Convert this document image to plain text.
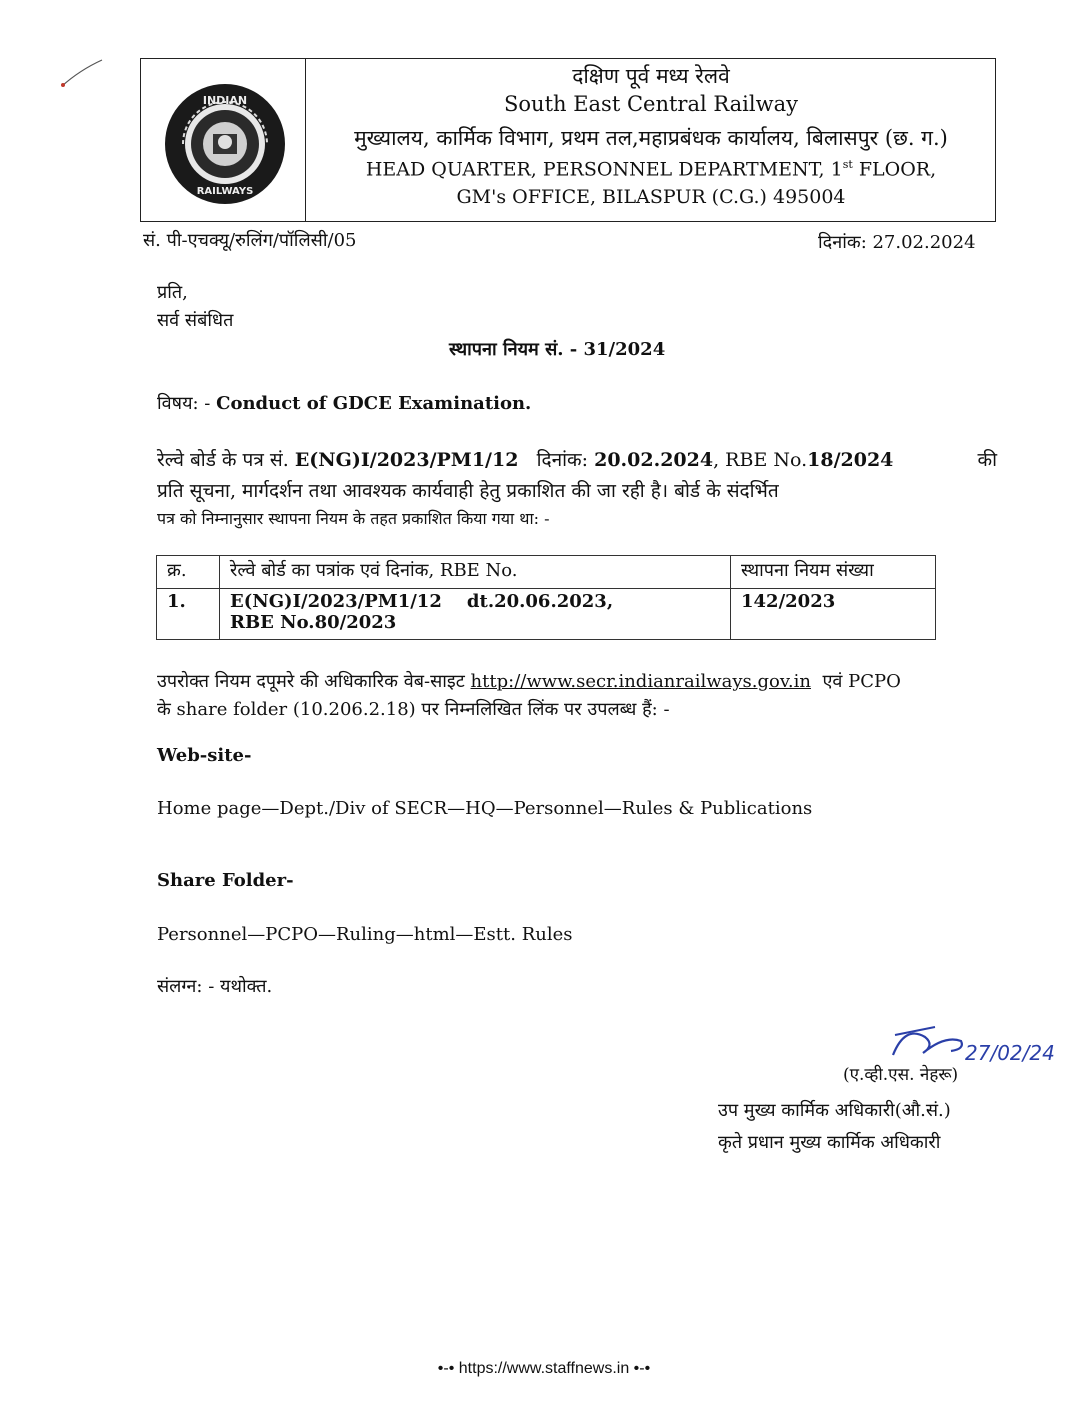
INDIAN
RAILWAYS
दक्षिण पूर्व मध्य रेलवे
South East Central Railway
मुख्यालय, कार्मिक विभाग, प्रथम तल,महाप्रबंधक कार्यालय, बिलासपुर (छ. ग.)
HEAD QUARTER, PERSONNEL DEPARTMENT, 1st FLOOR,
GM's OFFICE, BILASPUR (C.G.) 495004
सं. पी-एचक्यू/रुलिंग/पॉलिसी/05	दिनांक: 27.02.2024
प्रति,
सर्व संबंधित
स्थापना नियम सं. - 31/2024
विषय: - Conduct of GDCE Examination.
रेल्वे बोर्ड के पत्र सं. E(NG)I/2023/PM1/12 दिनांक: 20.02.2024, RBE No.18/2024	की
प्रति सूचना, मार्गदर्शन तथा आवश्यक कार्यवाही हेतु प्रकाशित की जा रही है। बोर्ड के संदर्भित
पत्र को निम्नानुसार स्थापना नियम के तहत प्रकाशित किया गया था: -
क्र.	रेल्वे बोर्ड का पत्रांक एवं दिनांक, RBE No.	स्थापना नियम संख्या
1.	E(NG)I/2023/PM1/12    dt.20.06.2023,
RBE No.80/2023	142/2023
उपरोक्त नियम दपूमरे की अधिकारिक वेब-साइट http://www.secr.indianrailways.gov.in एवं PCPO
के share folder (10.206.2.18) पर निम्नलिखित लिंक पर उपलब्ध हैं: -
Web-site-
Home page—Dept./Div of SECR—HQ—Personnel—Rules & Publications
Share Folder-
Personnel—PCPO—Ruling—html—Estt. Rules
संलग्न: - यथोक्त.
27/02/24
(ए.व्ही.एस. नेहरू)
उप मुख्य कार्मिक अधिकारी(औ.सं.)
कृते प्रधान मुख्य कार्मिक अधिकारी
•-• https://www.staffnews.in •-•
